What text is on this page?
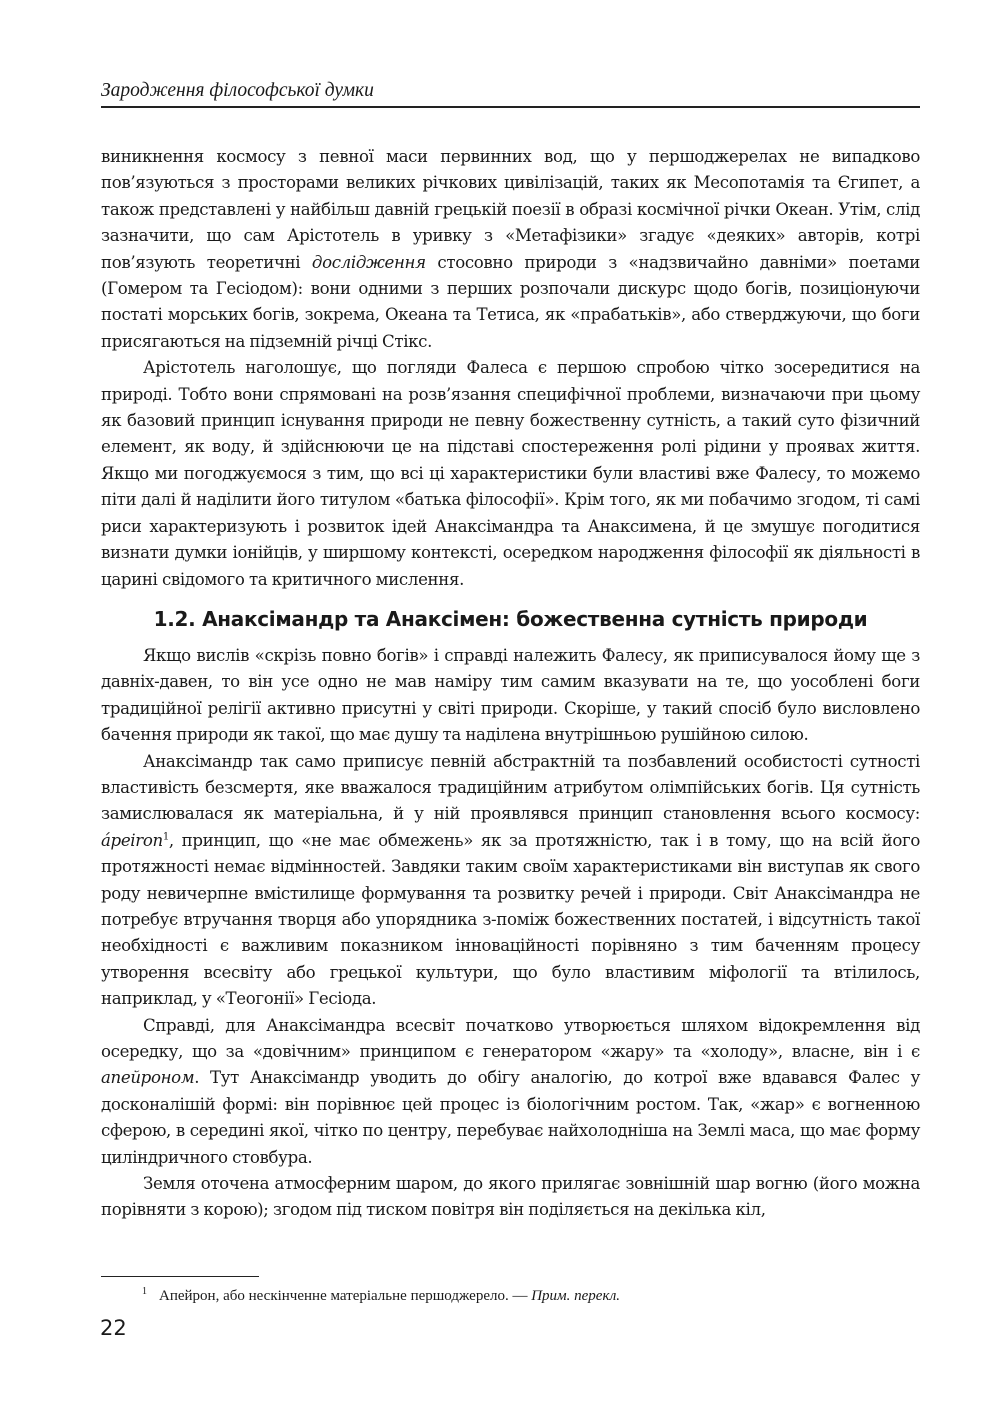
Зародження філософської думки

виникнення космосу з певної маси первинних вод, що у першоджерелах не випадково пов’язуються з просторами великих річкових цивілізацій, таких як Месопотамія та Єгипет, а також представлені у найбільш давній грецькій поезії в образі космічної річки Океан. Утім, слід зазначити, що сам Арістотель в уривку з «Метафізики» згадує «деяких» авторів, котрі пов’язують теоретичні дослідження стосовно природи з «надзвичайно давніми» поетами (Гомером та Гесіодом): вони одними з перших розпочали дискурс щодо богів, позиціонуючи постаті морських богів, зокрема, Океана та Тетиса, як «прабатьків», або стверджуючи, що боги присягаються на підземній річці Стікс.

Арістотель наголошує, що погляди Фалеса є першою спробою чітко зосередитися на природі. Тобто вони спрямовані на розв’язання специфічної проблеми, визначаючи при цьому як базовий принцип існування природи не певну божественну сутність, а такий суто фізичний елемент, як воду, й здійснюючи це на підставі спостереження ролі рідини у проявах життя. Якщо ми погоджуємося з тим, що всі ці характеристики були властиві вже Фалесу, то можемо піти далі й наділити його титулом «батька філософії». Крім того, як ми побачимо згодом, ті самі риси характеризують і розвиток ідей Анаксімандра та Анаксимена, й це змушує погодитися визнати думки іонійців, у ширшому контексті, осередком народження філософії як діяльності в царині свідомого та критичного мислення.

1.2. Анаксімандр та Анаксімен: божественна сутність природи

Якщо вислів «скрізь повно богів» і справді належить Фалесу, як приписувалося йому ще з давніх-давен, то він усе одно не мав наміру тим самим вказувати на те, що уособлені боги традиційної релігії активно присутні у світі природи. Скоріше, у такий спосіб було висловлено бачення природи як такої, що має душу та наділена внутрішньою рушійною силою.

Анаксімандр так само приписує певній абстрактній та позбавлений особистості сутності властивість безсмертя, яке вважалося традиційним атрибутом олімпійських богів. Ця сутність замислювалася як матеріальна, й у ній проявлявся принцип становлення всього космосу: ápeiron$^1$, принцип, що «не має обмежень» як за протяжністю, так і в тому, що на всій його протяжності немає відмінностей. Завдяки таким своїм характеристиками він виступав як свого роду невичерпне вмістилище формування та розвитку речей і природи. Світ Анаксімандра не потребує втручання творця або упорядника з-поміж божественних постатей, і відсутність такої необхідності є важливим показником інноваційності порівняно з тим баченням процесу утворення всесвіту або грецької культури, що було властивим міфології та втілилось, наприклад, у «Теогонії» Гесіода.

Справді, для Анаксімандра всесвіт початково утворюється шляхом відокремлення від осередку, що за «довічним» принципом є генератором «жару» та «холоду», власне, він і є апейроном. Тут Анаксімандр уводить до обігу аналогію, до котрої вже вдавався Фалес у досконалішій формі: він порівнює цей процес із біологічним ростом. Так, «жар» є вогненною сферою, в середині якої, чітко по центру, перебуває найхолодніша на Землі маса, що має форму циліндричного стовбура.

Земля оточена атмосферним шаром, до якого прилягає зовнішній шар вогню (його можна порівняти з корою); згодом під тиском повітря він поділяється на декілька кіл,

$^1$ Апейрон, або нескінченне матеріальне першоджерело. — Прим. перекл.
22
